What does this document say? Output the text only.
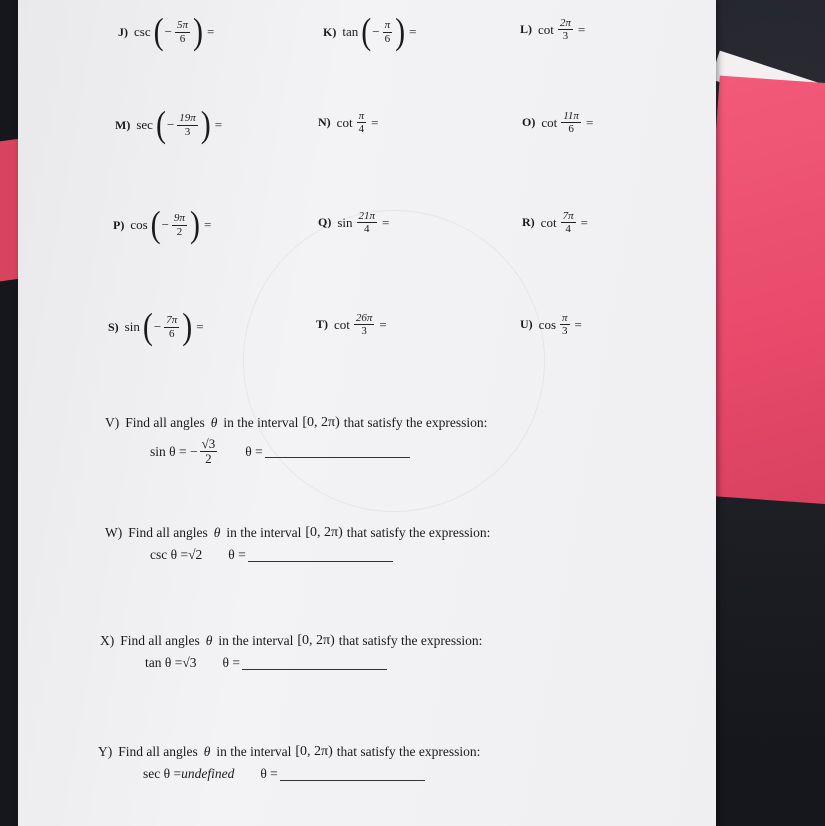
J) csc ( − $\frac{5\pi}{6}$ ) =	K) tan ( − $\frac{\pi}{6}$ ) =	L) $\cot \frac{2\pi}{3}$ =
M) sec ( − $\frac{19\pi}{3}$ ) =	N) $\cot \frac{\pi}{4}$ =	O) $\cot \frac{11\pi}{6}$ =
P) cos ( − $\frac{9\pi}{2}$ ) =	Q) $\sin \frac{21\pi}{4}$ =	R) $\cot \frac{7\pi}{4}$ =
S) sin ( − $\frac{7\pi}{6}$ ) =	T) $\cot \frac{26\pi}{3}$ =	U) $\cos \frac{\pi}{3}$ =
V) Find all angles θ in the interval [0, 2π) that satisfy the expression:
sin θ = − $\frac{√3}{2}$ θ =
W) Find all angles θ in the interval [0, 2π) that satisfy the expression:
csc θ = √2 θ =
X) Find all angles θ in the interval [0, 2π) that satisfy the expression:
tan θ = √3 θ =
Y) Find all angles θ in the interval [0, 2π) that satisfy the expression:
sec θ = undefined θ =
